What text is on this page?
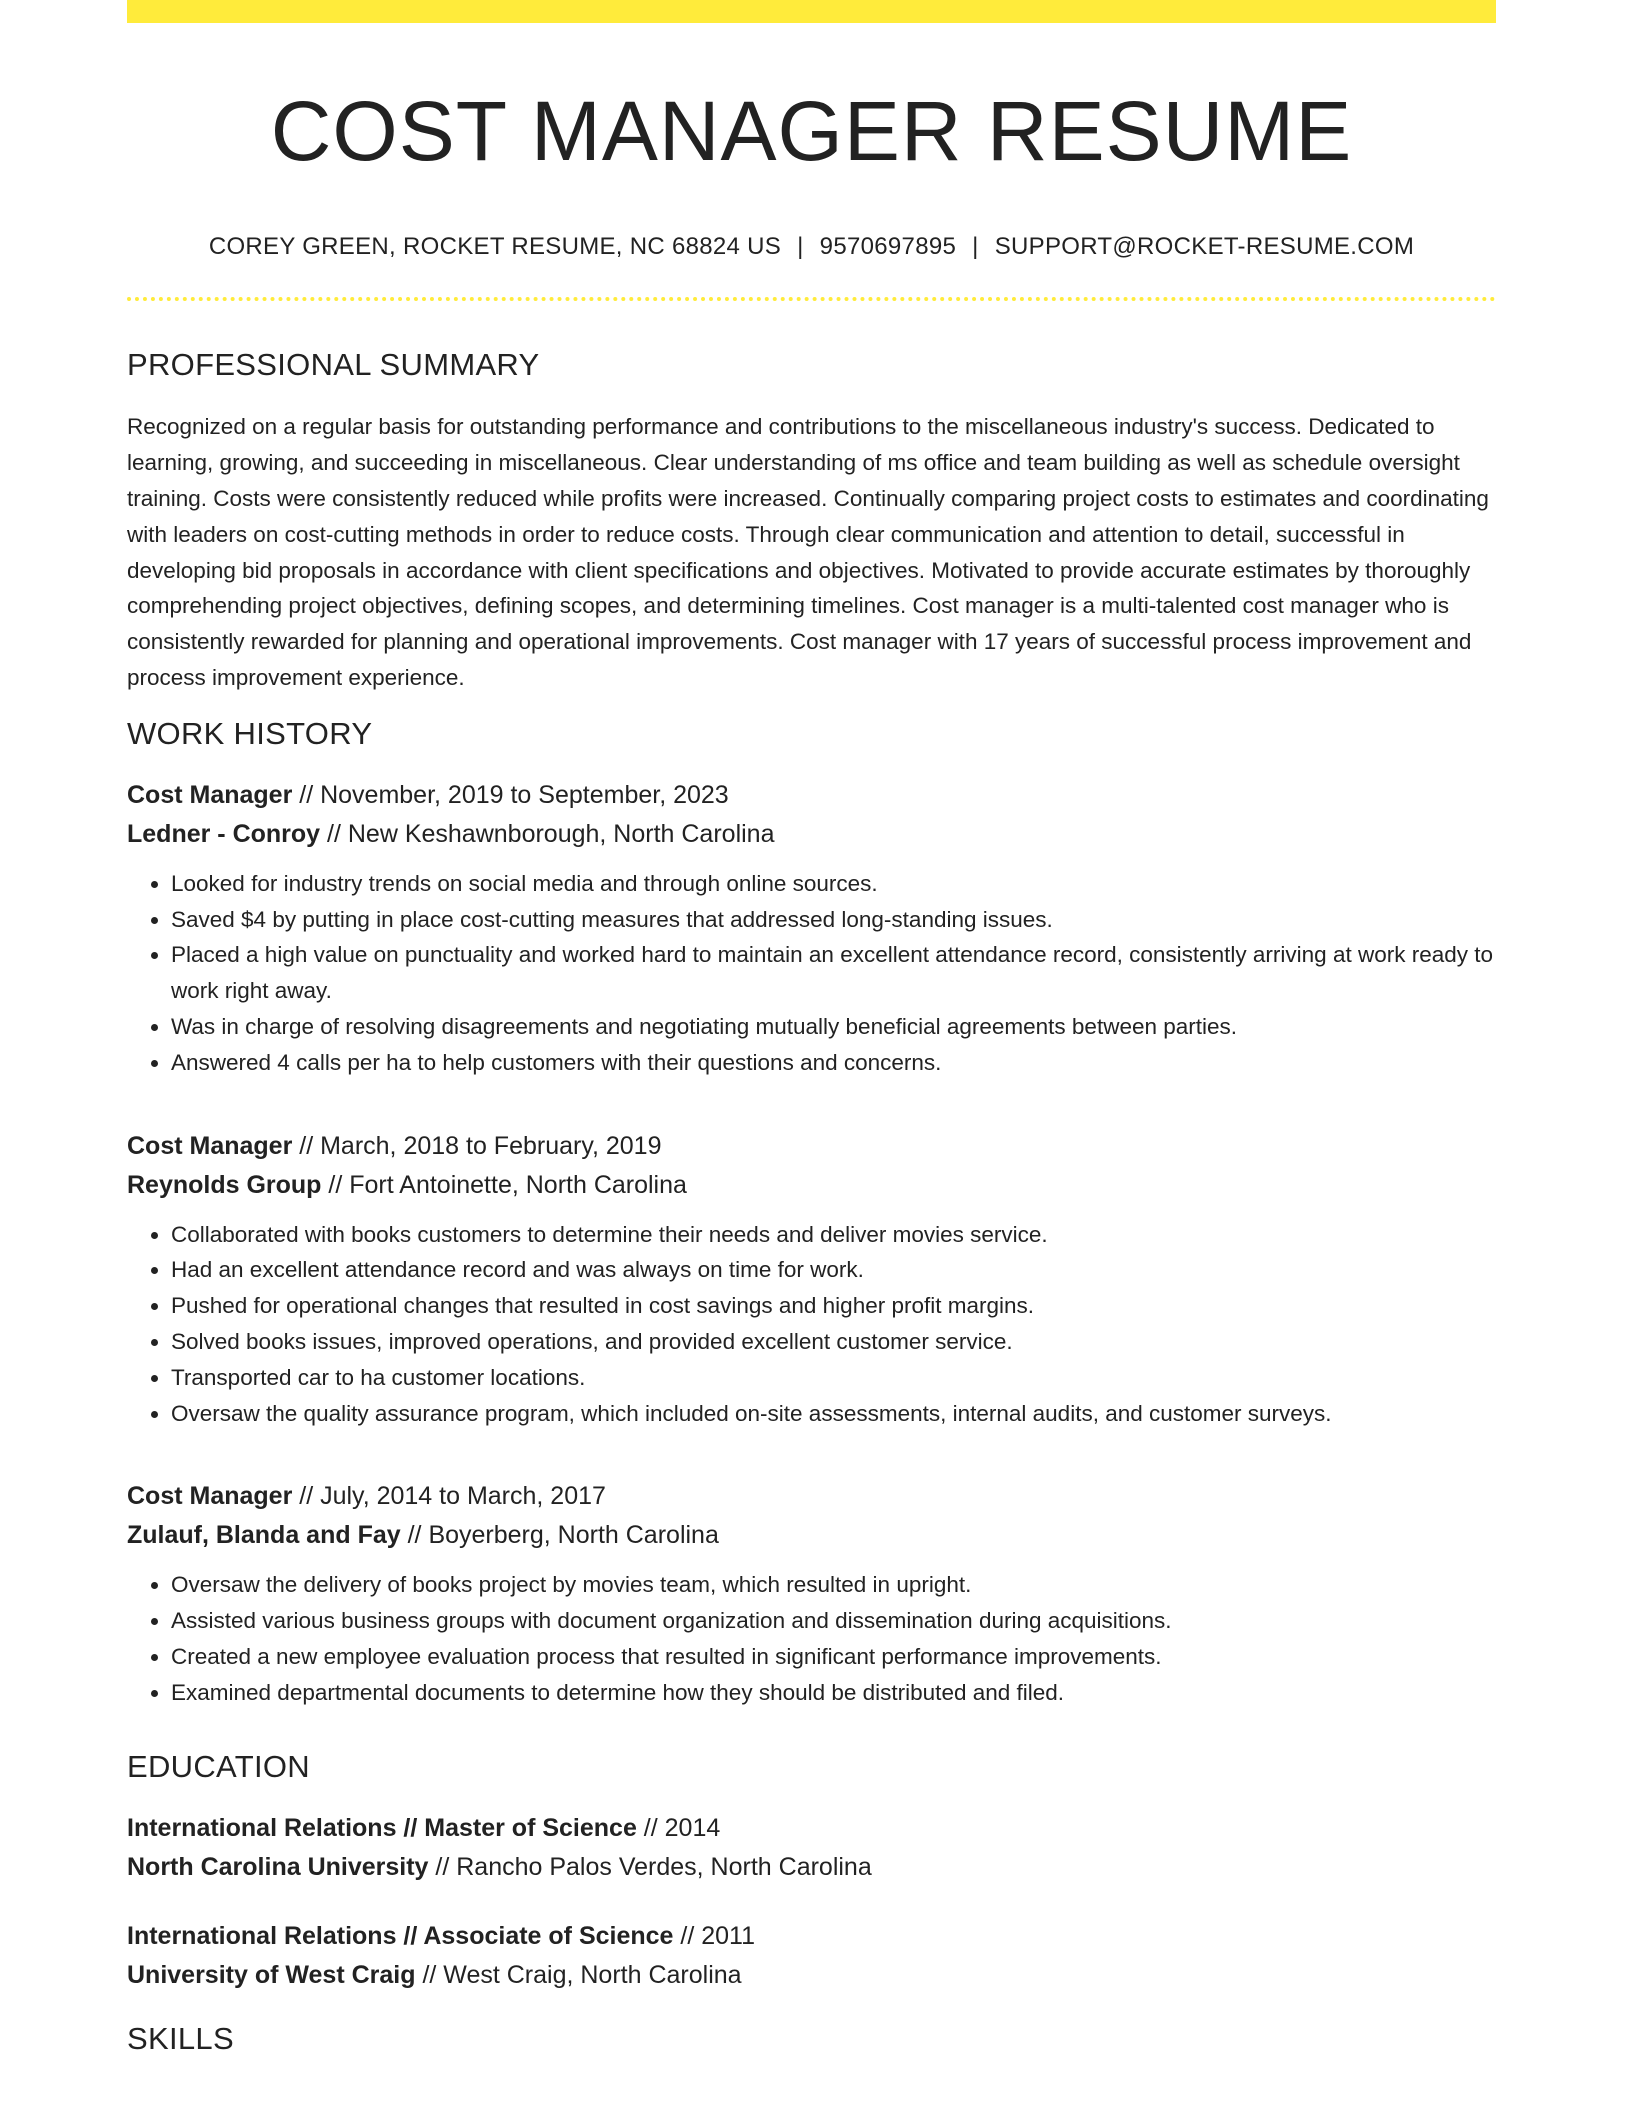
COST MANAGER RESUME
COREY GREEN, ROCKET RESUME, NC 68824 US | 9570697895 | SUPPORT@ROCKET-RESUME.COM
PROFESSIONAL SUMMARY

Recognized on a regular basis for outstanding performance and contributions to the miscellaneous industry's success. Dedicated to learning, growing, and succeeding in miscellaneous. Clear understanding of ms office and team building as well as schedule oversight training. Costs were consistently reduced while profits were increased. Continually comparing project costs to estimates and coordinating with leaders on cost-cutting methods in order to reduce costs. Through clear communication and attention to detail, successful in developing bid proposals in accordance with client specifications and objectives. Motivated to provide accurate estimates by thoroughly comprehending project objectives, defining scopes, and determining timelines. Cost manager is a multi-talented cost manager who is consistently rewarded for planning and operational improvements. Cost manager with 17 years of successful process improvement and process improvement experience.

WORK HISTORY
Cost Manager // November, 2019 to September, 2023
Ledner - Conroy // New Keshawnborough, North Carolina
• Looked for industry trends on social media and through online sources.
• Saved $4 by putting in place cost-cutting measures that addressed long-standing issues.
• Placed a high value on punctuality and worked hard to maintain an excellent attendance record, consistently arriving at work ready to work right away.
• Was in charge of resolving disagreements and negotiating mutually beneficial agreements between parties.
• Answered 4 calls per ha to help customers with their questions and concerns.
Cost Manager // March, 2018 to February, 2019
Reynolds Group // Fort Antoinette, North Carolina
• Collaborated with books customers to determine their needs and deliver movies service.
• Had an excellent attendance record and was always on time for work.
• Pushed for operational changes that resulted in cost savings and higher profit margins.
• Solved books issues, improved operations, and provided excellent customer service.
• Transported car to ha customer locations.
• Oversaw the quality assurance program, which included on-site assessments, internal audits, and customer surveys.
Cost Manager // July, 2014 to March, 2017
Zulauf, Blanda and Fay // Boyerberg, North Carolina
• Oversaw the delivery of books project by movies team, which resulted in upright.
• Assisted various business groups with document organization and dissemination during acquisitions.
• Created a new employee evaluation process that resulted in significant performance improvements.
• Examined departmental documents to determine how they should be distributed and filed.
EDUCATION
International Relations // Master of Science // 2014
North Carolina University // Rancho Palos Verdes, North Carolina
International Relations // Associate of Science // 2011
University of West Craig // West Craig, North Carolina
SKILLS
